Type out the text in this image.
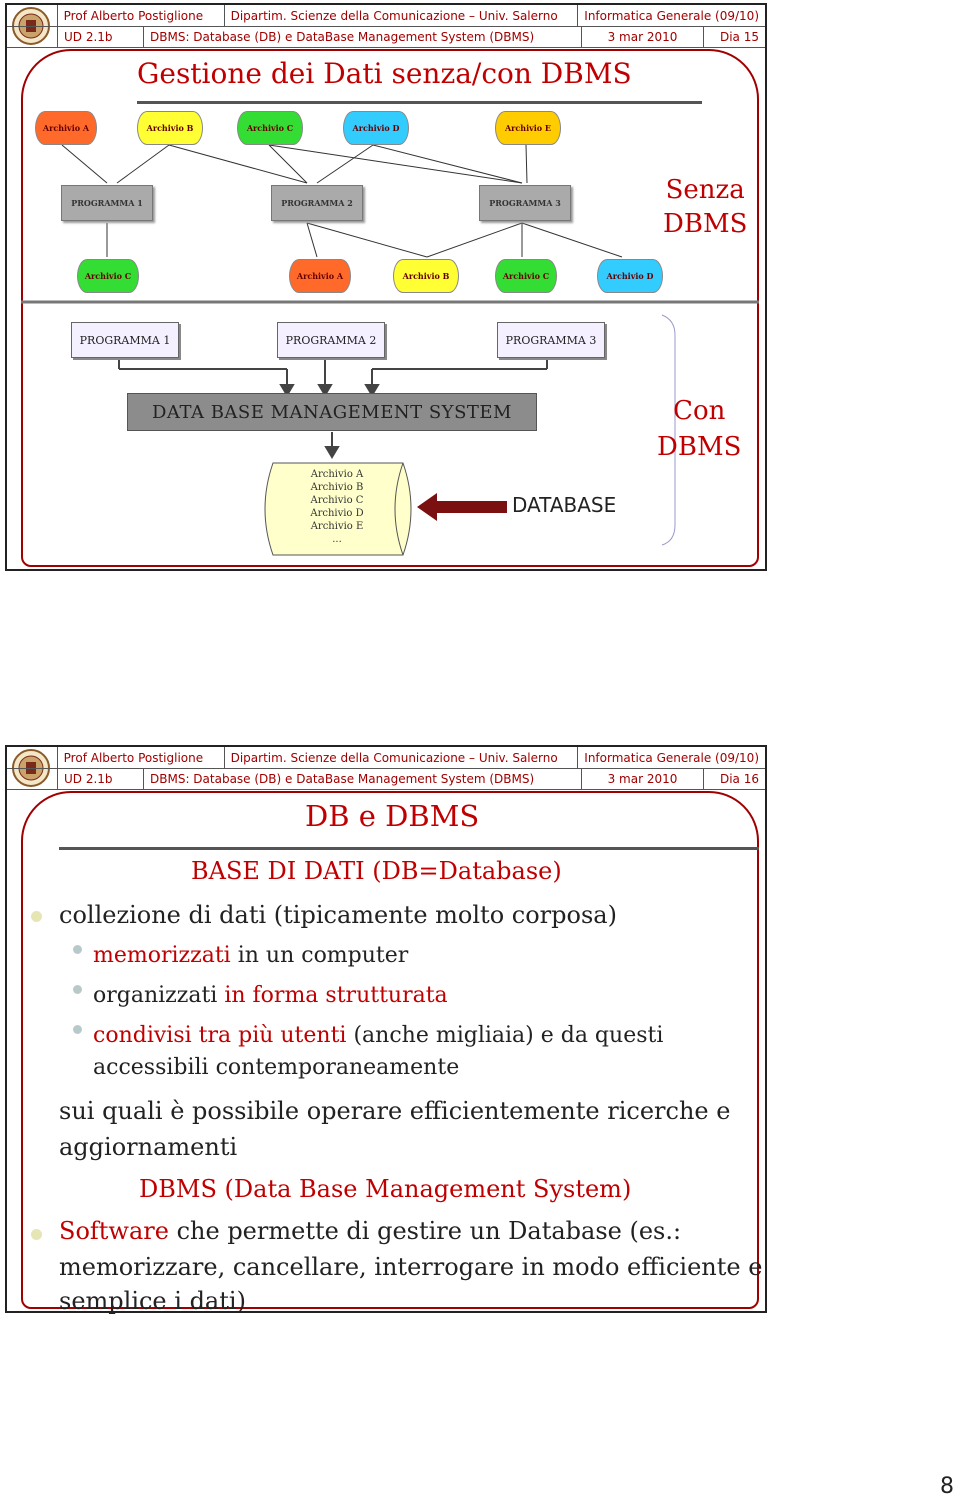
Prof Alberto Postiglione	Dipartim. Scienze della Comunicazione – Univ. Salerno	Informatica Generale (09/10)
UD 2.1b	DBMS: Database (DB) e DataBase Management System (DBMS)	3 mar 2010	Dia 15
Gestione dei Dati senza/con DBMS
Archivio A	Archivio B	Archivio C	Archivio D	Archivio E
PROGRAMMA 1	PROGRAMMA 2	PROGRAMMA 3
Archivio C	Archivio A	Archivio B	Archivio C	Archivio D
Senza
DBMS
PROGRAMMA 1	PROGRAMMA 2	PROGRAMMA 3
DATA BASE MANAGEMENT SYSTEM
Archivio A
Archivio B
Archivio C
Archivio D
Archivio E
...
DATABASE
Con
DBMS
Prof Alberto Postiglione	Dipartim. Scienze della Comunicazione – Univ. Salerno	Informatica Generale (09/10)
UD 2.1b	DBMS: Database (DB) e DataBase Management System (DBMS)	3 mar 2010	Dia 16
DB e DBMS
BASE DI DATI (DB=Database)
collezione di dati (tipicamente molto corposa)
memorizzati in un computer
organizzati in forma strutturata
condivisi tra più utenti (anche migliaia) e da questi
accessibili contemporaneamente
sui quali è possibile operare efficientemente ricerche e
aggiornamenti
DBMS (Data Base Management System)
Software che permette di gestire un Database (es.:
memorizzare, cancellare, interrogare in modo efficiente e
semplice i dati)
8
